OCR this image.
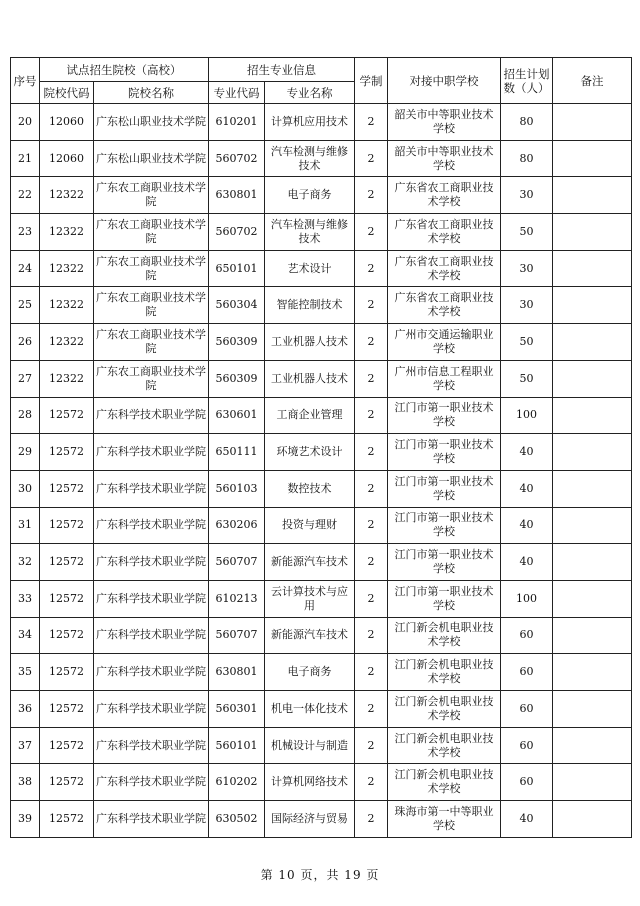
序号	试点招生院校（高校）		招生专业信息		学制	对接中职学校	招生计划数（人）	备注
	院校代码	院校名称	专业代码	专业名称				
20	12060	广东松山职业技术学院	610201	计算机应用技术	2	韶关市中等职业技术学校	80	
21	12060	广东松山职业技术学院	560702	汽车检测与维修技术	2	韶关市中等职业技术学校	80	
22	12322	广东农工商职业技术学院	630801	电子商务	2	广东省农工商职业技术学校	30	
23	12322	广东农工商职业技术学院	560702	汽车检测与维修技术	2	广东省农工商职业技术学校	50	
24	12322	广东农工商职业技术学院	650101	艺术设计	2	广东省农工商职业技术学校	30	
25	12322	广东农工商职业技术学院	560304	智能控制技术	2	广东省农工商职业技术学校	30	
26	12322	广东农工商职业技术学院	560309	工业机器人技术	2	广州市交通运输职业学校	50	
27	12322	广东农工商职业技术学院	560309	工业机器人技术	2	广州市信息工程职业学校	50	
28	12572	广东科学技术职业学院	630601	工商企业管理	2	江门市第一职业技术学校	100	
29	12572	广东科学技术职业学院	650111	环境艺术设计	2	江门市第一职业技术学校	40	
30	12572	广东科学技术职业学院	560103	数控技术	2	江门市第一职业技术学校	40	
31	12572	广东科学技术职业学院	630206	投资与理财	2	江门市第一职业技术学校	40	
32	12572	广东科学技术职业学院	560707	新能源汽车技术	2	江门市第一职业技术学校	40	
33	12572	广东科学技术职业学院	610213	云计算技术与应用	2	江门市第一职业技术学校	100	
34	12572	广东科学技术职业学院	560707	新能源汽车技术	2	江门新会机电职业技术学校	60	
35	12572	广东科学技术职业学院	630801	电子商务	2	江门新会机电职业技术学校	60	
36	12572	广东科学技术职业学院	560301	机电一体化技术	2	江门新会机电职业技术学校	60	
37	12572	广东科学技术职业学院	560101	机械设计与制造	2	江门新会机电职业技术学校	60	
38	12572	广东科学技术职业学院	610202	计算机网络技术	2	江门新会机电职业技术学校	60	
39	12572	广东科学技术职业学院	630502	国际经济与贸易	2	珠海市第一中等职业学校	40	
第 10 页，共 19 页
